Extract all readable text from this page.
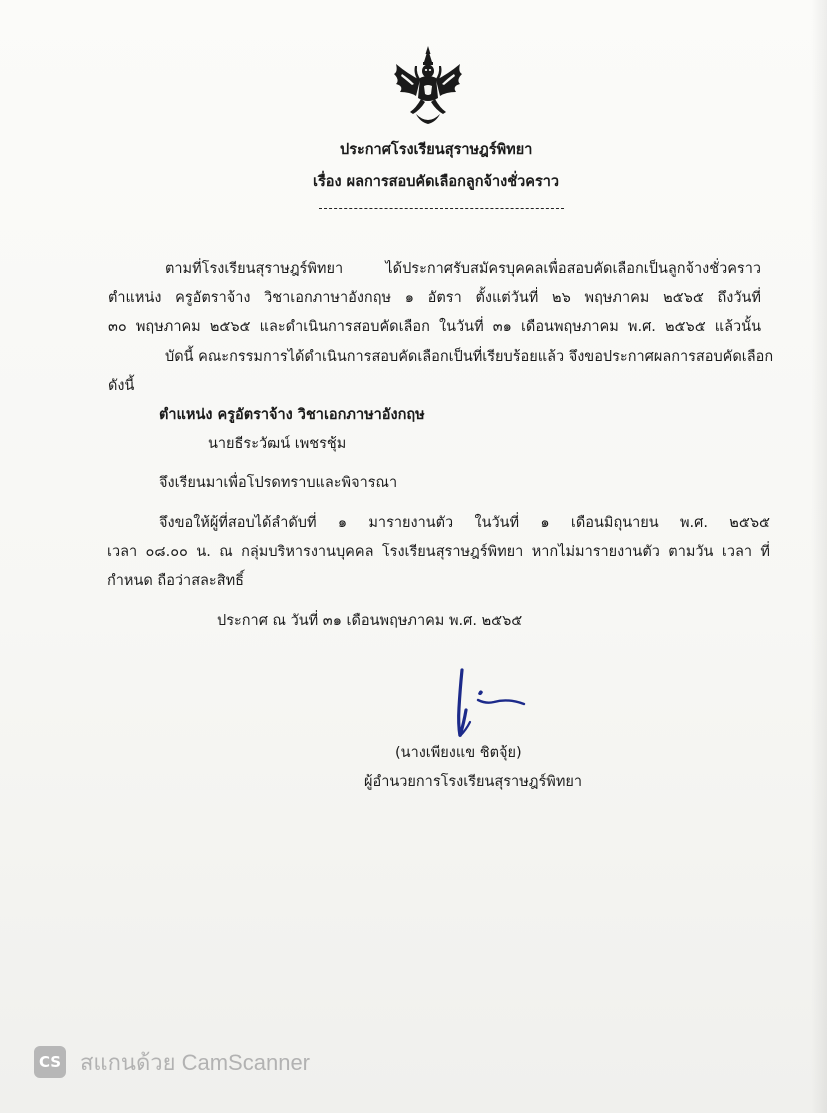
ประกาศโรงเรียนสุราษฎร์พิทยา
เรื่อง ผลการสอบคัดเลือกลูกจ้างชั่วคราว
ตามที่โรงเรียนสุราษฎร์พิทยา ได้ประกาศรับสมัครบุคคลเพื่อสอบคัดเลือกเป็นลูกจ้างชั่วคราว
ตำแหน่ง ครูอัตราจ้าง วิชาเอกภาษาอังกฤษ ๑ อัตรา ตั้งแต่วันที่ ๒๖ พฤษภาคม ๒๕๖๕ ถึงวันที่
๓๐ พฤษภาคม ๒๕๖๕ และดำเนินการสอบคัดเลือก ในวันที่ ๓๑ เดือนพฤษภาคม พ.ศ. ๒๕๖๕ แล้วนั้น
บัดนี้ คณะกรรมการได้ดำเนินการสอบคัดเลือกเป็นที่เรียบร้อยแล้ว จึงขอประกาศผลการสอบคัดเลือก
ดังนี้
ตำแหน่ง ครูอัตราจ้าง วิชาเอกภาษาอังกฤษ
นายธีระวัฒน์ เพชรชุ้ม
จึงเรียนมาเพื่อโปรดทราบและพิจารณา
จึงขอให้ผู้ที่สอบได้ลำดับที่ ๑ มารายงานตัว ในวันที่ ๑ เดือนมิถุนายน พ.ศ. ๒๕๖๕
เวลา ๐๘.๐๐ น. ณ กลุ่มบริหารงานบุคคล โรงเรียนสุราษฎร์พิทยา หากไม่มารายงานตัว ตามวัน เวลา ที่
กำหนด ถือว่าสละสิทธิ์
ประกาศ ณ วันที่ ๓๑ เดือนพฤษภาคม พ.ศ. ๒๕๖๕
(นางเพียงแข ชิตจุ้ย)
ผู้อำนวยการโรงเรียนสุราษฎร์พิทยา
CS สแกนด้วย CamScanner
